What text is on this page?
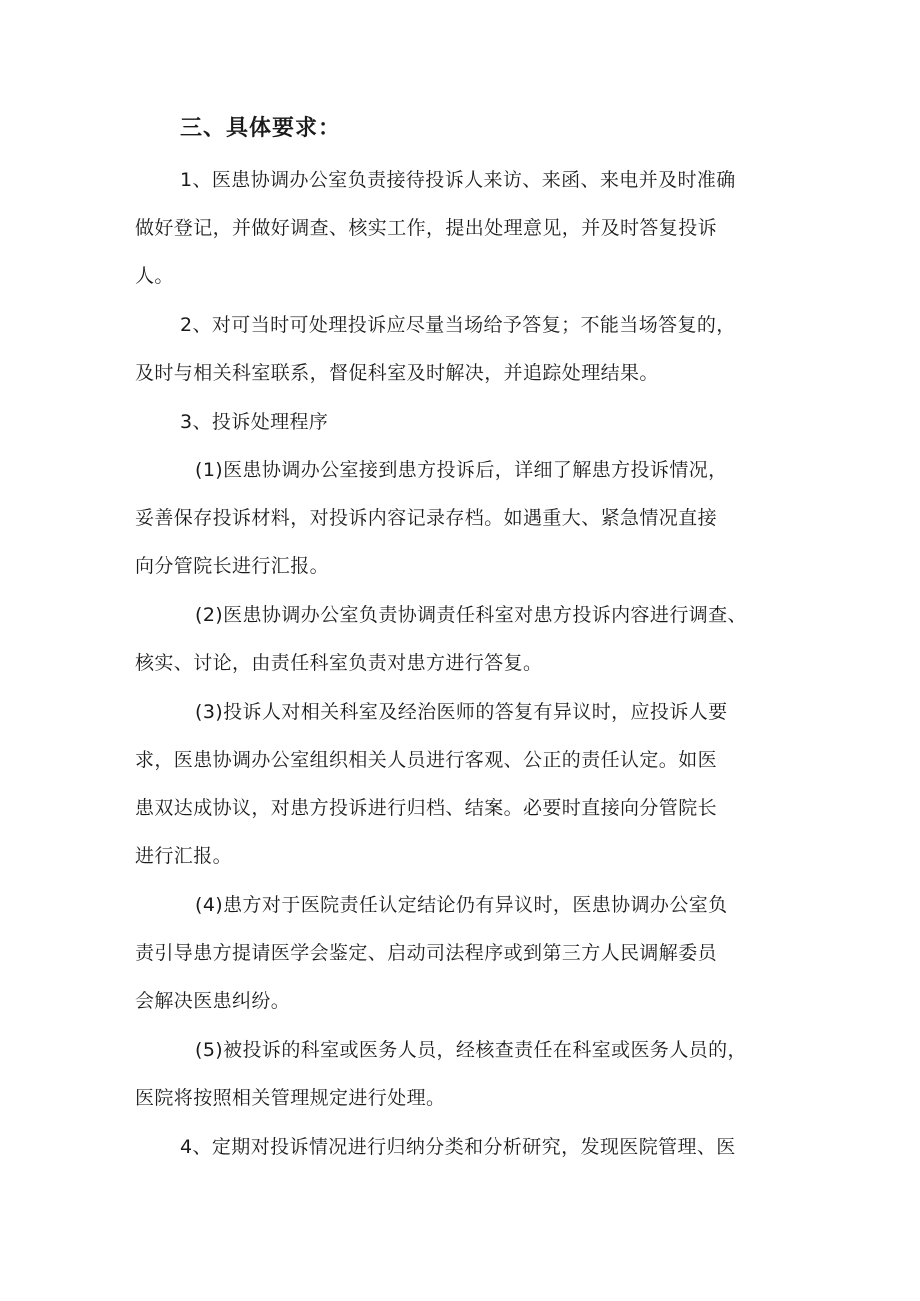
三、具体要求：
1、医患协调办公室负责接待投诉人来访、来函、来电并及时准确
做好登记，并做好调查、核实工作，提出处理意见，并及时答复投诉
人。
2、对可当时可处理投诉应尽量当场给予答复；不能当场答复的，
及时与相关科室联系，督促科室及时解决，并追踪处理结果。
3、投诉处理程序
(1)医患协调办公室接到患方投诉后，详细了解患方投诉情况，
妥善保存投诉材料，对投诉内容记录存档。如遇重大、紧急情况直接
向分管院长进行汇报。
(2)医患协调办公室负责协调责任科室对患方投诉内容进行调查、
核实、讨论，由责任科室负责对患方进行答复。
(3)投诉人对相关科室及经治医师的答复有异议时，应投诉人要
求，医患协调办公室组织相关人员进行客观、公正的责任认定。如医
患双达成协议，对患方投诉进行归档、结案。必要时直接向分管院长
进行汇报。
(4)患方对于医院责任认定结论仍有异议时，医患协调办公室负
责引导患方提请医学会鉴定、启动司法程序或到第三方人民调解委员
会解决医患纠纷。
(5)被投诉的科室或医务人员，经核查责任在科室或医务人员的，
医院将按照相关管理规定进行处理。
4、定期对投诉情况进行归纳分类和分析研究，发现医院管理、医
